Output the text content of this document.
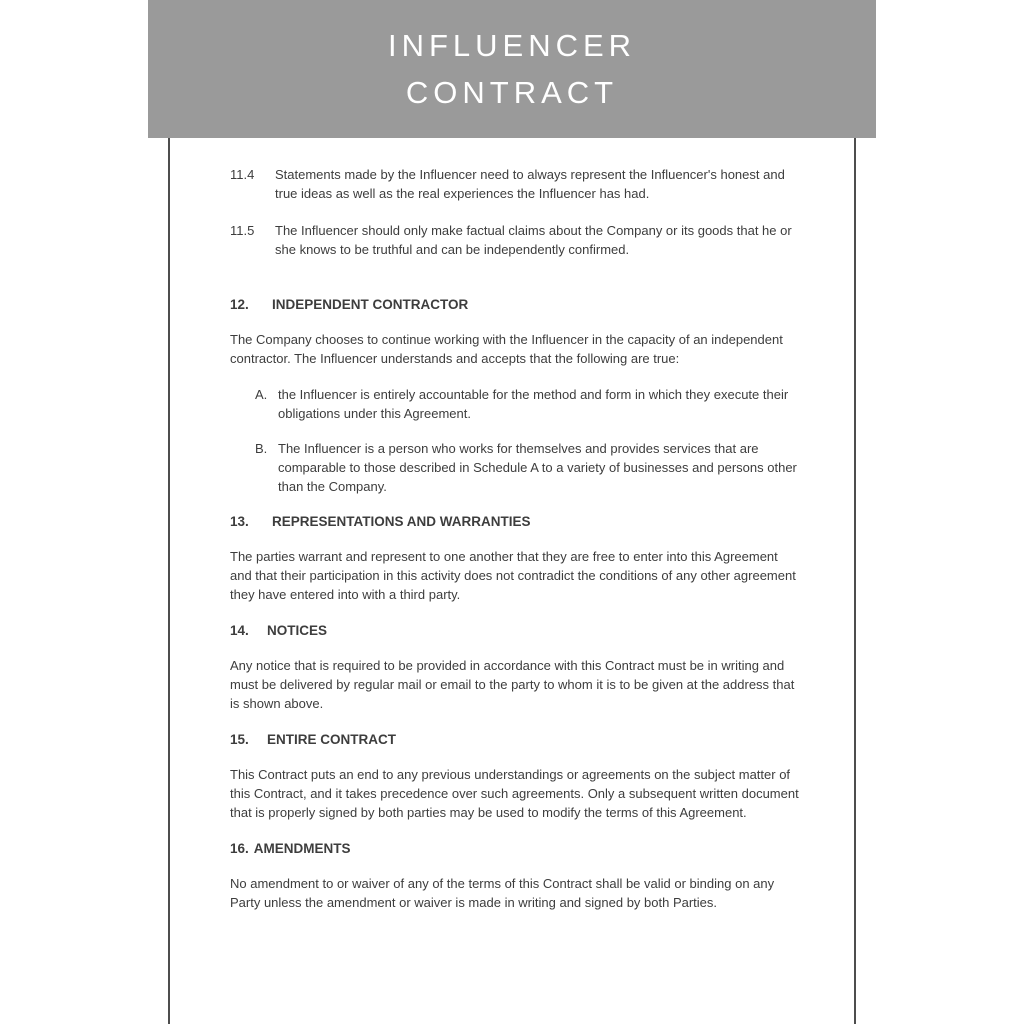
INFLUENCER
CONTRACT
11.4	Statements made by the Influencer need to always represent the Influencer's honest and true ideas as well as the real experiences the Influencer has had.
11.5	The Influencer should only make factual claims about the Company or its goods that he or she knows to be truthful and can be independently confirmed.
12. INDEPENDENT CONTRACTOR
The Company chooses to continue working with the Influencer in the capacity of an independent contractor. The Influencer understands and accepts that the following are true:
A. the Influencer is entirely accountable for the method and form in which they execute their obligations under this Agreement.
B. The Influencer is a person who works for themselves and provides services that are comparable to those described in Schedule A to a variety of businesses and persons other than the Company.
13. REPRESENTATIONS AND WARRANTIES
The parties warrant and represent to one another that they are free to enter into this Agreement and that their participation in this activity does not contradict the conditions of any other agreement they have entered into with a third party.
14. NOTICES
Any notice that is required to be provided in accordance with this Contract must be in writing and must be delivered by regular mail or email to the party to whom it is to be given at the address that is shown above.
15. ENTIRE CONTRACT
This Contract puts an end to any previous understandings or agreements on the subject matter of this Contract, and it takes precedence over such agreements. Only a subsequent written document that is properly signed by both parties may be used to modify the terms of this Agreement.
16. AMENDMENTS
No amendment to or waiver of any of the terms of this Contract shall be valid or binding on any Party unless the amendment or waiver is made in writing and signed by both Parties.
